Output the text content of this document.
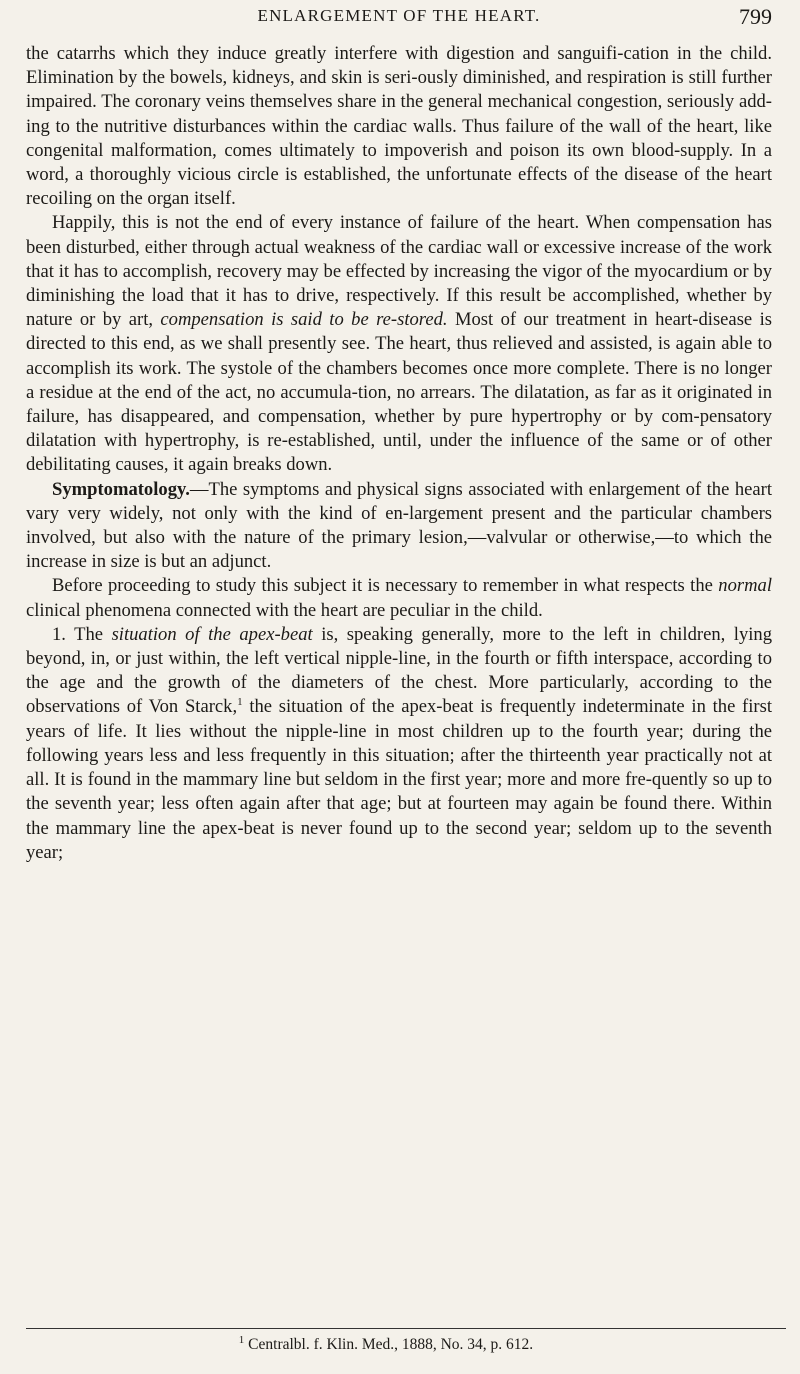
ENLARGEMENT OF THE HEART.	799

the catarrhs which they induce greatly interfere with digestion and sanguifi-cation in the child. Elimination by the bowels, kidneys, and skin is seri-ously diminished, and respiration is still further impaired. The coronary veins themselves share in the general mechanical congestion, seriously add-ing to the nutritive disturbances within the cardiac walls. Thus failure of the wall of the heart, like congenital malformation, comes ultimately to impoverish and poison its own blood-supply. In a word, a thoroughly vicious circle is established, the unfortunate effects of the disease of the heart recoiling on the organ itself.

Happily, this is not the end of every instance of failure of the heart. When compensation has been disturbed, either through actual weakness of the cardiac wall or excessive increase of the work that it has to accomplish, recovery may be effected by increasing the vigor of the myocardium or by diminishing the load that it has to drive, respectively. If this result be accomplished, whether by nature or by art, compensation is said to be re-stored. Most of our treatment in heart-disease is directed to this end, as we shall presently see. The heart, thus relieved and assisted, is again able to accomplish its work. The systole of the chambers becomes once more complete. There is no longer a residue at the end of the act, no accumula-tion, no arrears. The dilatation, as far as it originated in failure, has disappeared, and compensation, whether by pure hypertrophy or by com-pensatory dilatation with hypertrophy, is re-established, until, under the influence of the same or of other debilitating causes, it again breaks down.

Symptomatology.—The symptoms and physical signs associated with enlargement of the heart vary very widely, not only with the kind of en-largement present and the particular chambers involved, but also with the nature of the primary lesion,—valvular or otherwise,—to which the increase in size is but an adjunct.

Before proceeding to study this subject it is necessary to remember in what respects the normal clinical phenomena connected with the heart are peculiar in the child.

1. The situation of the apex-beat is, speaking generally, more to the left in children, lying beyond, in, or just within, the left vertical nipple-line, in the fourth or fifth interspace, according to the age and the growth of the diameters of the chest. More particularly, according to the observations of Von Starck,$^1$ the situation of the apex-beat is frequently indeterminate in the first years of life. It lies without the nipple-line in most children up to the fourth year; during the following years less and less frequently in this situation; after the thirteenth year practically not at all. It is found in the mammary line but seldom in the first year; more and more fre-quently so up to the seventh year; less often again after that age; but at fourteen may again be found there. Within the mammary line the apex-beat is never found up to the second year; seldom up to the seventh year;

$^1$ Centralbl. f. Klin. Med., 1888, No. 34, p. 612.
